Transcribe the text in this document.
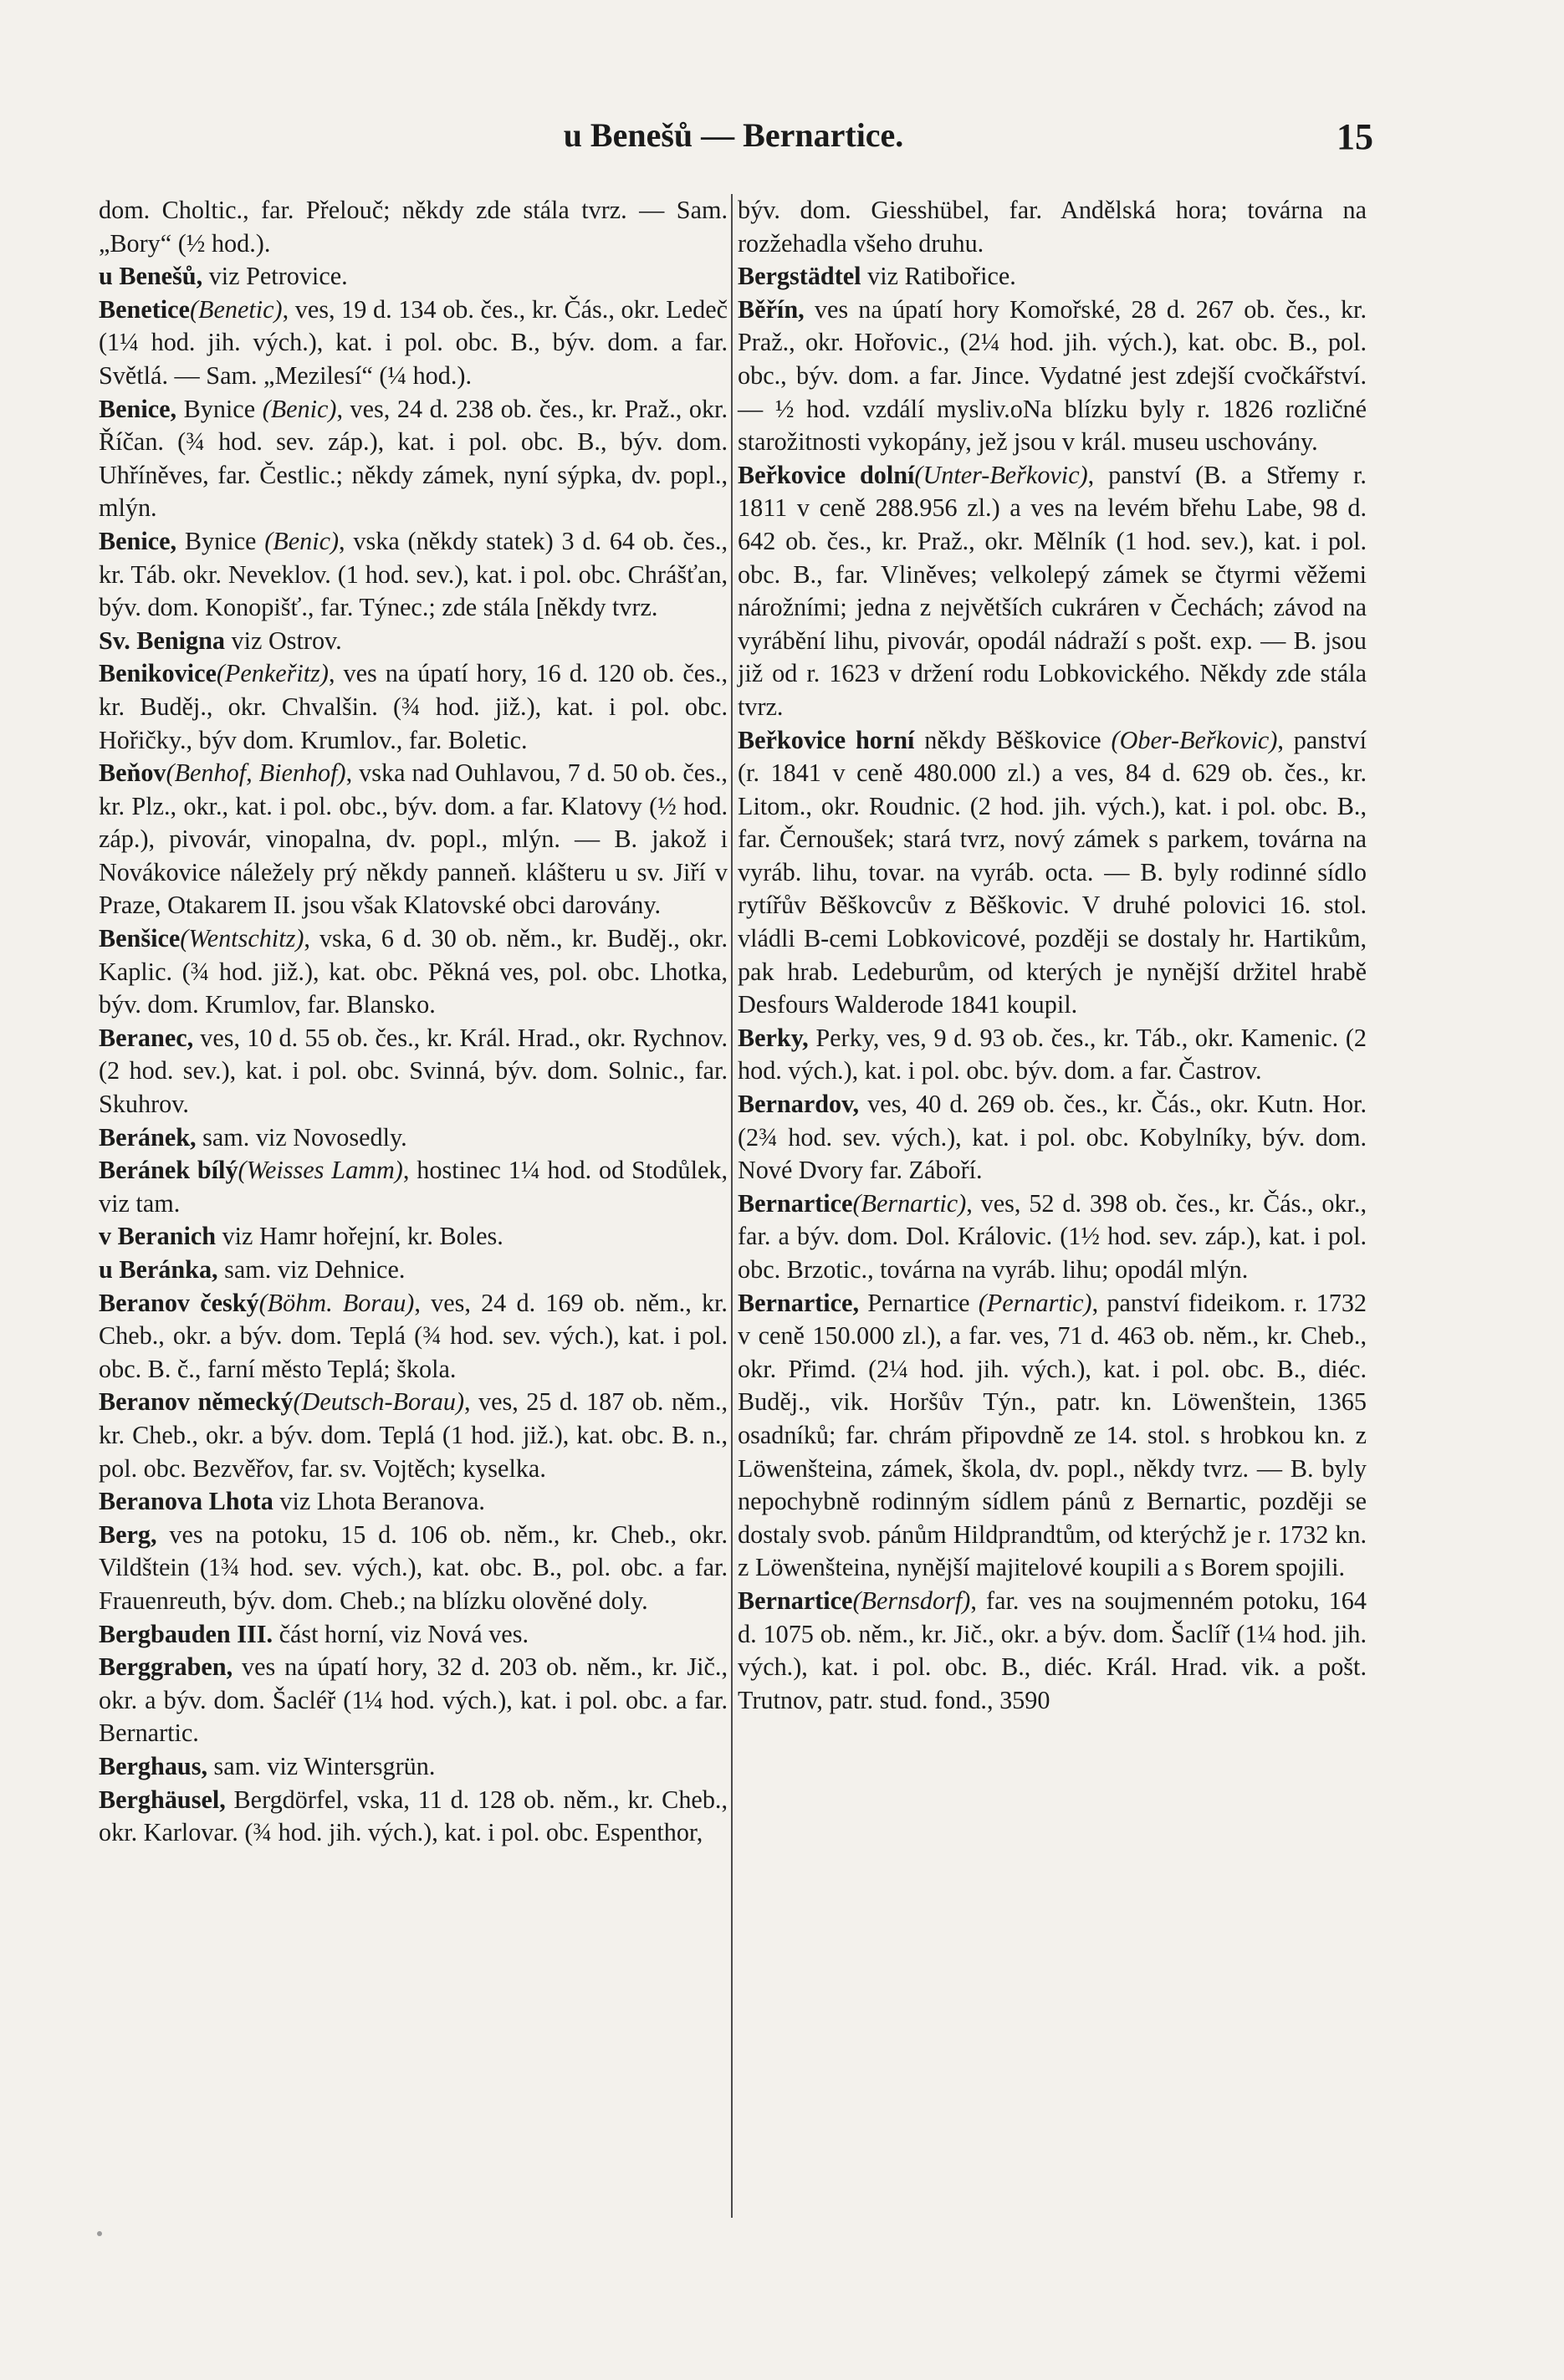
u Benešů — Bernartice.	15

dom. Choltic., far. Přelouč; někdy zde stála tvrz. — Sam. „Bory“ (½ hod.).

u Benešů, viz Petrovice.

Benetice(Benetic), ves, 19 d. 134 ob. čes., kr. Čás., okr. Ledeč (1¼ hod. jih. vých.), kat. i pol. obc. B., býv. dom. a far. Světlá. — Sam. „Mezilesí“ (¼ hod.).

Benice, Bynice (Benic), ves, 24 d. 238 ob. čes., kr. Praž., okr. Říčan. (¾ hod. sev. záp.), kat. i pol. obc. B., býv. dom. Uhříněves, far. Čestlic.; někdy zámek, nyní sýpka, dv. popl., mlýn.

Benice, Bynice (Benic), vska (někdy statek) 3 d. 64 ob. čes., kr. Táb. okr. Neveklov. (1 hod. sev.), kat. i pol. obc. Chrášťan, býv. dom. Konopišť., far. Týnec.; zde stála [někdy tvrz.

Sv. Benigna viz Ostrov.

Benikovice(Penkeřitz), ves na úpatí hory, 16 d. 120 ob. čes., kr. Buděj., okr. Chvalšin. (¾ hod. již.), kat. i pol. obc. Hořičky., býv dom. Krumlov., far. Boletic.

Beňov(Benhof, Bienhof), vska nad Ouhlavou, 7 d. 50 ob. čes., kr. Plz., okr., kat. i pol. obc., býv. dom. a far. Klatovy (½ hod. záp.), pivovár, vinopalna, dv. popl., mlýn. — B. jakož i Novákovice náležely prý někdy panneň. klášteru u sv. Jiří v Praze, Otakarem II. jsou však Klatovské obci darovány.

Benšice(Wentschitz), vska, 6 d. 30 ob. něm., kr. Buděj., okr. Kaplic. (¾ hod. již.), kat. obc. Pěkná ves, pol. obc. Lhotka, býv. dom. Krumlov, far. Blansko.

Beranec, ves, 10 d. 55 ob. čes., kr. Král. Hrad., okr. Rychnov. (2 hod. sev.), kat. i pol. obc. Svinná, býv. dom. Solnic., far. Skuhrov.

Beránek, sam. viz Novosedly.

Beránek bílý(Weisses Lamm), hostinec 1¼ hod. od Stodůlek, viz tam.

v Beranich viz Hamr hořejní, kr. Boles.

u Beránka, sam. viz Dehnice.

Beranov český(Böhm. Borau), ves, 24 d. 169 ob. něm., kr. Cheb., okr. a býv. dom. Teplá (¾ hod. sev. vých.), kat. i pol. obc. B. č., farní město Teplá; škola.

Beranov německý(Deutsch-Borau), ves, 25 d. 187 ob. něm., kr. Cheb., okr. a býv. dom. Teplá (1 hod. již.), kat. obc. B. n., pol. obc. Bezvěřov, far. sv. Vojtěch; kyselka.

Beranova Lhota viz Lhota Beranova.

Berg, ves na potoku, 15 d. 106 ob. něm., kr. Cheb., okr. Vildštein (1¾ hod. sev. vých.), kat. obc. B., pol. obc. a far. Frauenreuth, býv. dom. Cheb.; na blízku olověné doly.

Bergbauden III. část horní, viz Nová ves.

Berggraben, ves na úpatí hory, 32 d. 203 ob. něm., kr. Jič., okr. a býv. dom. Šacléř (1¼ hod. vých.), kat. i pol. obc. a far. Bernartic.

Berghaus, sam. viz Wintersgrün.

Berghäusel, Bergdörfel, vska, 11 d. 128 ob. něm., kr. Cheb., okr. Karlovar. (¾ hod. jih. vých.), kat. i pol. obc. Espenthor,

býv. dom. Giesshübel, far. Andělská hora; továrna na rozžehadla všeho druhu.

Bergstädtel viz Ratibořice.

Běřín, ves na úpatí hory Komořské, 28 d. 267 ob. čes., kr. Praž., okr. Hořovic., (2¼ hod. jih. vých.), kat. obc. B., pol. obc., býv. dom. a far. Jince. Vydatné jest zdejší cvočkářství. — ½ hod. vzdálí mysliv.oNa blízku byly r. 1826 rozličné starožitnosti vykopány, jež jsou v král. museu uschovány.

Beřkovice dolní(Unter-Beřkovic), panství (B. a Střemy r. 1811 v ceně 288.956 zl.) a ves na levém břehu Labe, 98 d. 642 ob. čes., kr. Praž., okr. Mělník (1 hod. sev.), kat. i pol. obc. B., far. Vliněves; velkolepý zámek se čtyrmi věžemi nárožními; jedna z největších cukráren v Čechách; závod na vyrábění lihu, pivovár, opodál nádraží s pošt. exp. — B. jsou již od r. 1623 v držení rodu Lobkovického. Někdy zde stála tvrz.

Beřkovice horní někdy Běškovice (Ober-Beřkovic), panství (r. 1841 v ceně 480.000 zl.) a ves, 84 d. 629 ob. čes., kr. Litom., okr. Roudnic. (2 hod. jih. vých.), kat. i pol. obc. B., far. Černoušek; stará tvrz, nový zámek s parkem, továrna na vyráb. lihu, tovar. na vyráb. octa. — B. byly rodinné sídlo rytířův Běškovcův z Běškovic. V druhé polovici 16. stol. vládli B-cemi Lobkovicové, později se dostaly hr. Hartikům, pak hrab. Ledeburům, od kterých je nynější držitel hrabě Desfours Walderode 1841 koupil.

Berky, Perky, ves, 9 d. 93 ob. čes., kr. Táb., okr. Kamenic. (2 hod. vých.), kat. i pol. obc. býv. dom. a far. Častrov.

Bernardov, ves, 40 d. 269 ob. čes., kr. Čás., okr. Kutn. Hor. (2¾ hod. sev. vých.), kat. i pol. obc. Kobylníky, býv. dom. Nové Dvory far. Záboří.

Bernartice(Bernartic), ves, 52 d. 398 ob. čes., kr. Čás., okr., far. a býv. dom. Dol. Královic. (1½ hod. sev. záp.), kat. i pol. obc. Brzotic., továrna na vyráb. lihu; opodál mlýn.

Bernartice, Pernartice (Pernartic), panství fideikom. r. 1732 v ceně 150.000 zl.), a far. ves, 71 d. 463 ob. něm., kr. Cheb., okr. Přimd. (2¼ hod. jih. vých.), kat. i pol. obc. B., diéc. Buděj., vik. Horšův Týn., patr. kn. Löwenštein, 1365 osadníků; far. chrám připovdně ze 14. stol. s hrobkou kn. z Löwenšteina, zámek, škola, dv. popl., někdy tvrz. — B. byly nepochybně rodinným sídlem pánů z Bernartic, později se dostaly svob. pánům Hildprandtům, od kterýchž je r. 1732 kn. z Löwenšteina, nynější majitelové koupili a s Borem spojili.

Bernartice(Bernsdorf), far. ves na soujmenném potoku, 164 d. 1075 ob. něm., kr. Jič., okr. a býv. dom. Šaclíř (1¼ hod. jih. vých.), kat. i pol. obc. B., diéc. Král. Hrad. vik. a pošt. Trutnov, patr. stud. fond., 3590
